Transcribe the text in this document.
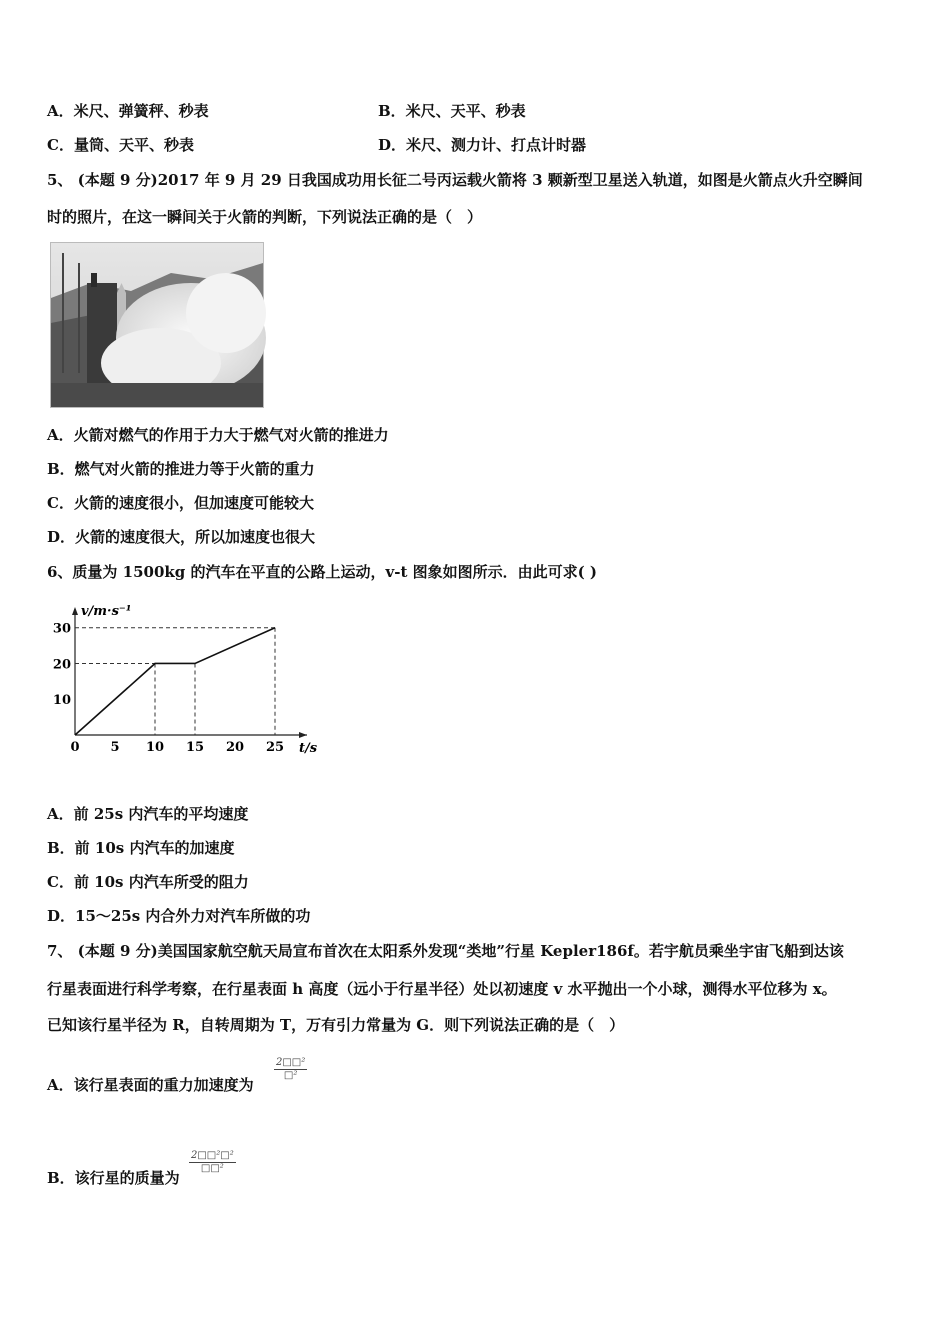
A．米尺、弹簧秤、秒表	B．米尺、天平、秒表
C．量筒、天平、秒表	D．米尺、测力计、打点计时器
5、 (本题 9 分)2017 年 9 月 29 日我国成功用长征二号丙运载火箭将 3 颗新型卫星送入轨道，如图是火箭点火升空瞬间
时的照片，在这一瞬间关于火箭的判断，下列说法正确的是（　）
A．火箭对燃气的作用于力大于燃气对火箭的推进力
B．燃气对火箭的推进力等于火箭的重力
C．火箭的速度很小，但加速度可能较大
D．火箭的速度很大，所以加速度也很大
6、质量为 1500kg 的汽车在平直的公路上运动，v-t 图象如图所示．由此可求( )
v/m·s⁻¹
t/s
0 5 10 15 20 25
10
20
30
A．前 25s 内汽车的平均速度
B．前 10s 内汽车的加速度
C．前 10s 内汽车所受的阻力
D．15～25s 内合外力对汽车所做的功
7、 (本题 9 分)美国国家航空航天局宣布首次在太阳系外发现“类地”行星 Kepler186f。若宇航员乘坐宇宙飞船到达该
行星表面进行科学考察，在行星表面 h 高度（远小于行星半径）处以初速度 v 水平抛出一个小球，测得水平位移为 x。
已知该行星半径为 R，自转周期为 T，万有引力常量为 G．则下列说法正确的是（　）
A．该行星表面的重力加速度为
2□□²
□²
B．该行星的质量为
2□□²□²
□□²
